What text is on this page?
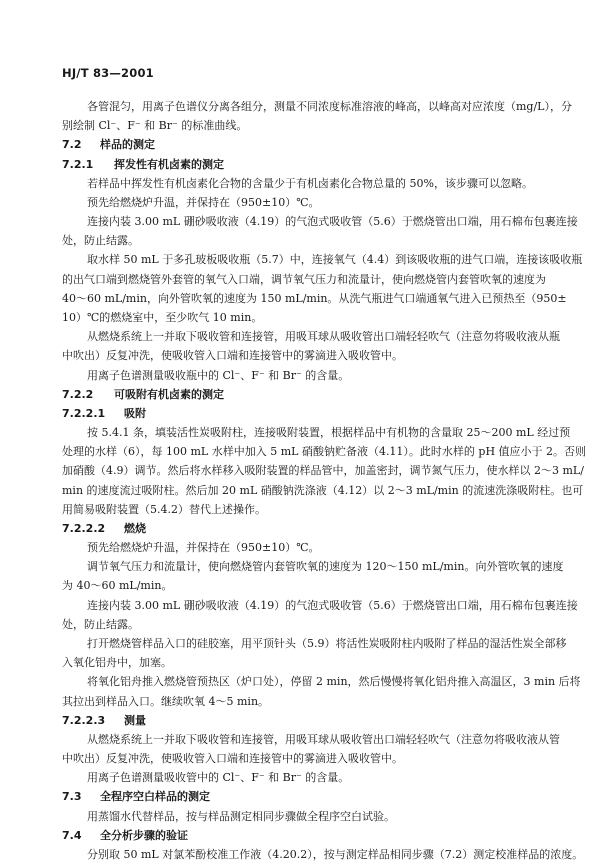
HJ/T 83—2001
各管混匀，用离子色谱仪分离各组分，测量不同浓度标准溶液的峰高，以峰高对应浓度（mg/L），分
别绘制 Cl⁻、F⁻ 和 Br⁻ 的标准曲线。
7.2 样品的测定
7.2.1 挥发性有机卤素的测定
若样品中挥发性有机卤素化合物的含量少于有机卤素化合物总量的 50%，该步骤可以忽略。
预先给燃烧炉升温，并保持在（950±10）℃。
连接内装 3.00 mL 硼砂吸收液（4.19）的气泡式吸收管（5.6）于燃烧管出口端，用石棉布包裹连接
处，防止结露。
取水样 50 mL 于多孔玻板吸收瓶（5.7）中，连接氧气（4.4）到该吸收瓶的进气口端，连接该吸收瓶
的出气口端到燃烧管外套管的氧气入口端，调节氧气压力和流量计，使向燃烧管内套管吹氧的速度为
40～60 mL/min，向外管吹氧的速度为 150 mL/min。从洗气瓶进气口端通氧气进入已预热至（950±
10）℃的燃烧室中，至少吹气 10 min。
从燃烧系统上一并取下吸收管和连接管，用吸耳球从吸收管出口端轻轻吹气（注意勿将吸收液从瓶
中吹出）反复冲洗，使吸收管入口端和连接管中的雾滴进入吸收管中。
用离子色谱测量吸收瓶中的 Cl⁻、F⁻ 和 Br⁻ 的含量。
7.2.2 可吸附有机卤素的测定
7.2.2.1 吸附
按 5.4.1 条，填装活性炭吸附柱，连接吸附装置，根据样品中有机物的含量取 25～200 mL 经过预
处理的水样（6），每 100 mL 水样中加入 5 mL 硝酸钠贮备液（4.11）。此时水样的 pH 值应小于 2。否则
加硝酸（4.9）调节。然后将水样移入吸附装置的样品管中，加盖密封，调节氮气压力，使水样以 2～3 mL/
min 的速度流过吸附柱。然后加 20 mL 硝酸钠洗涤液（4.12）以 2～3 mL/min 的流速洗涤吸附柱。也可
用简易吸附装置（5.4.2）替代上述操作。
7.2.2.2 燃烧
预先给燃烧炉升温，并保持在（950±10）℃。
调节氧气压力和流量计，使向燃烧管内套管吹氧的速度为 120～150 mL/min。向外管吹氧的速度
为 40～60 mL/min。
连接内装 3.00 mL 硼砂吸收液（4.19）的气泡式吸收管（5.6）于燃烧管出口端，用石棉布包裹连接
处，防止结露。
打开燃烧管样品入口的硅胶塞，用平顶针头（5.9）将活性炭吸附柱内吸附了样品的湿活性炭全部移
入氧化铝舟中，加塞。
将氧化铝舟推入燃烧管预热区（炉口处），停留 2 min，然后慢慢将氧化铝舟推入高温区，3 min 后将
其拉出到样品入口。继续吹氧 4～5 min。
7.2.2.3 测量
从燃烧系统上一并取下吸收管和连接管，用吸耳球从吸收管出口端轻轻吹气（注意勿将吸收液从管
中吹出）反复冲洗，使吸收管入口端和连接管中的雾滴进入吸收管中。
用离子色谱测量吸收管中的 Cl⁻、F⁻ 和 Br⁻ 的含量。
7.3 全程序空白样品的测定
用蒸馏水代替样品，按与样品测定相同步骤做全程序空白试验。
7.4 全分析步骤的验证
分别取 50 mL 对氯苯酚校准工作液（4.20.2），按与测定样品相同步骤（7.2）测定校准样品的浓度。
